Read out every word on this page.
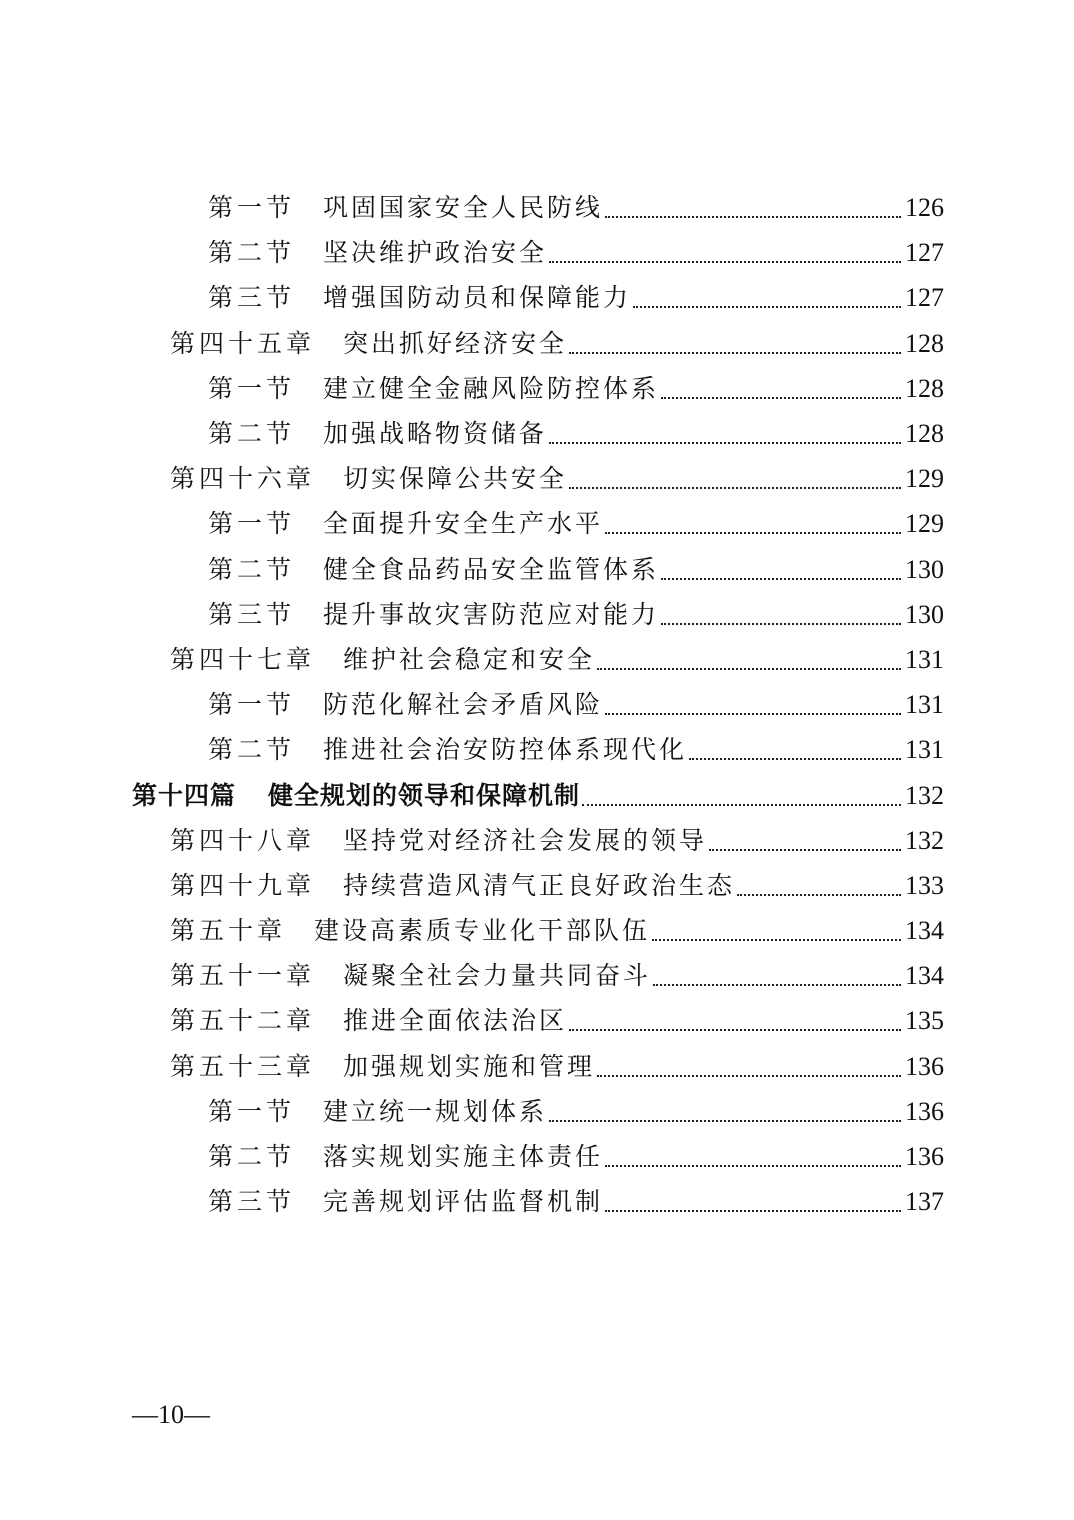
第一节 巩固国家安全人民防线	126
第二节 坚决维护政治安全	127
第三节 增强国防动员和保障能力	127
第四十五章 突出抓好经济安全	128
第一节 建立健全金融风险防控体系	128
第二节 加强战略物资储备	128
第四十六章 切实保障公共安全	129
第一节 全面提升安全生产水平	129
第二节 健全食品药品安全监管体系	130
第三节 提升事故灾害防范应对能力	130
第四十七章 维护社会稳定和安全	131
第一节 防范化解社会矛盾风险	131
第二节 推进社会治安防控体系现代化	131
第十四篇 健全规划的领导和保障机制	132
第四十八章 坚持党对经济社会发展的领导	132
第四十九章 持续营造风清气正良好政治生态	133
第五十章 建设高素质专业化干部队伍	134
第五十一章 凝聚全社会力量共同奋斗	134
第五十二章 推进全面依法治区	135
第五十三章 加强规划实施和管理	136
第一节 建立统一规划体系	136
第二节 落实规划实施主体责任	136
第三节 完善规划评估监督机制	137
—10—
